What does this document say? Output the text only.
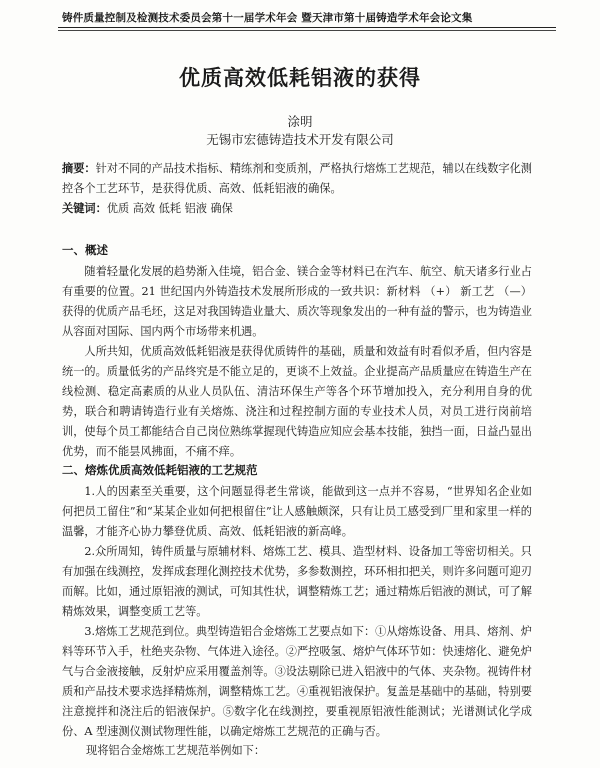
铸件质量控制及检测技术委员会第十一届学术年会 暨天津市第十届铸造学术年会论文集
优质高效低耗铝液的获得
涂明
无锡市宏德铸造技术开发有限公司
摘要：针对不同的产品技术指标、精练剂和变质剂，严格执行熔炼工艺规范，辅以在线数字化测控各个工艺环节，是获得优质、高效、低耗铝液的确保。
关键词：优质 高效 低耗 铝液 确保
一、概述

随着轻量化发展的趋势渐入佳境，铝合金、镁合金等材料已在汽车、航空、航天诸多行业占有重要的位置。21 世纪国内外铸造技术发展所形成的一致共识：新材料 （+） 新工艺 （—） 获得的优质产品毛坯，这足对我国铸造业量大、质次等现象发出的一种有益的警示，也为铸造业从容面对国际、国内两个市场带来机遇。

人所共知，优质高效低耗铝液是获得优质铸件的基础，质量和效益有时看似矛盾，但内容是统一的。质量低劣的产品终究是不能立足的，更谈不上效益。企业提高产品质量应在铸造生产在线检测、稳定高素质的从业人员队伍、清洁环保生产等各个环节增加投入，充分利用自身的优势，联合和聘请铸造行业有关熔炼、浇注和过程控制方面的专业技术人员，对员工进行岗前培训，使每个员工都能结合自己岗位熟练掌握现代铸造应知应会基本技能，独挡一面，日益凸显出优势，而不能昙风拂面，不痛不痒。

二、熔炼优质高效低耗铝液的工艺规范

1.人的因素至关重要，这个问题显得老生常谈，能做到这一点并不容易，“世界知名企业如何把员工留住”和“某某企业如何把根留住”让人感触颇深，只有让员工感受到厂里和家里一样的温馨，才能齐心协力攀登优质、高效、低耗铝液的新高峰。

2.众所周知，铸件质量与原辅材料、熔炼工艺、模具、造型材料、设备加工等密切相关。只有加强在线测控，发挥成套理化测控技术优势，多参数测控，环环相扣把关，则许多问题可迎刃而解。比如，通过原铝液的测试，可知其性状，调整精炼工艺；通过精炼后铝液的测试，可了解精炼效果，调整变质工艺等。

3.熔炼工艺规范到位。典型铸造铝合金熔炼工艺要点如下：①从熔炼设备、用具、熔剂、炉料等环节入手，杜绝夹杂物、气体进入途径。②严控吸氢、熔炉气体环节如：快速熔化、避免炉气与合金液接触，反射炉应采用覆盖剂等。③设法剔除已进入铝液中的气体、夹杂物。视铸件材质和产品技术要求选择精炼剂，调整精炼工艺。④重视铝液保护。复盖是基础中的基础，特别要注意搅拌和浇注后的铝液保护。⑤数字化在线测控，要重视原铝液性能测试；光谱测试化学成份、A 型速测仪测试物理性能，以确定熔炼工艺规范的正确与否。

现将铝合金熔炼工艺规范举例如下：
